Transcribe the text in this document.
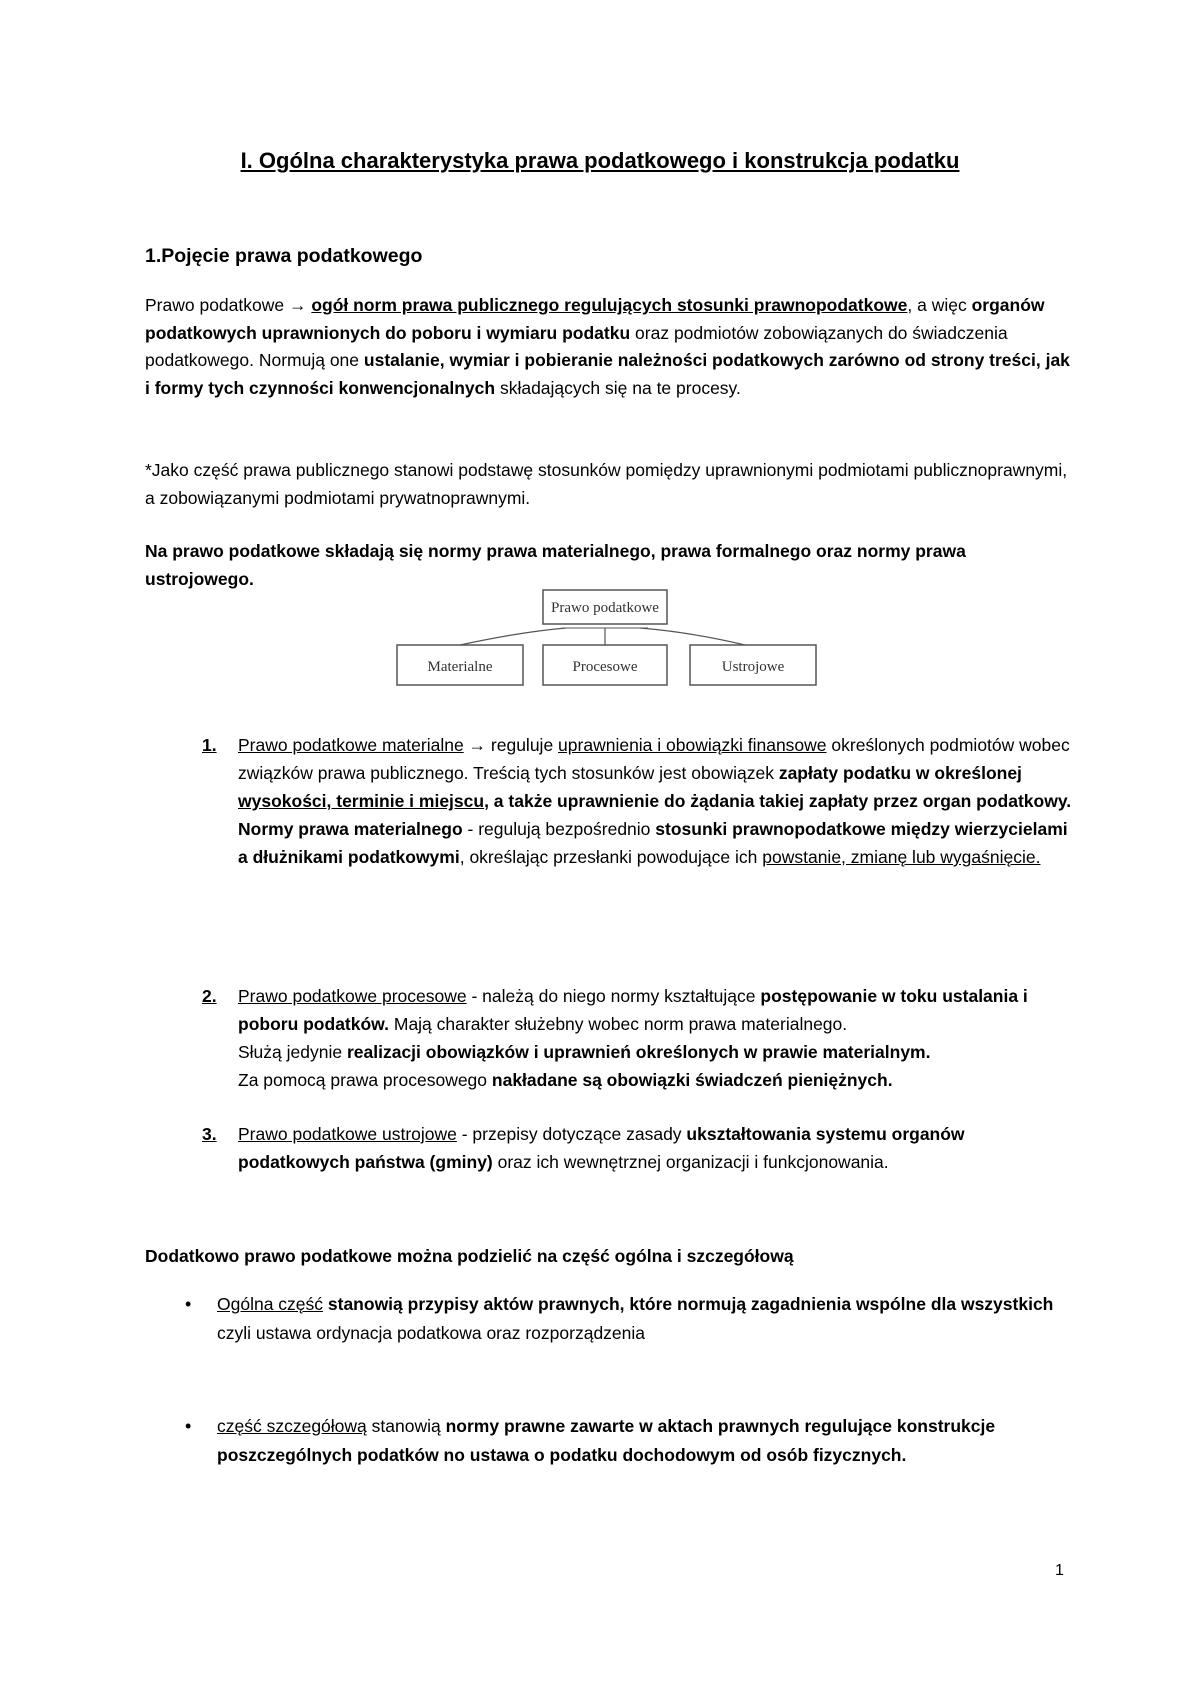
I. Ogólna charakterystyka prawa podatkowego i konstrukcja podatku
1.Pojęcie prawa podatkowego
Prawo podatkowe → ogół norm prawa publicznego regulujących stosunki prawnopodatkowe, a więc organów podatkowych uprawnionych do poboru i wymiaru podatku oraz podmiotów zobowiązanych do świadczenia podatkowego. Normują one ustalanie, wymiar i pobieranie należności podatkowych zarówno od strony treści, jak i formy tych czynności konwencjonalnych składających się na te procesy.
*Jako część prawa publicznego stanowi podstawę stosunków pomiędzy uprawnionymi podmiotami publicznoprawnymi, a zobowiązanymi podmiotami prywatnoprawnymi.
Na prawo podatkowe składają się normy prawa materialnego, prawa formalnego oraz normy prawa ustrojowego.
Prawo podatkowe
Materialne	Procesowe	Ustrojowe
1. Prawo podatkowe materialne → reguluje uprawnienia i obowiązki finansowe określonych podmiotów wobec związków prawa publicznego. Treścią tych stosunków jest obowiązek zapłaty podatku w określonej wysokości, terminie i miejscu, a także uprawnienie do żądania takiej zapłaty przez organ podatkowy.
Normy prawa materialnego - regulują bezpośrednio stosunki prawnopodatkowe między wierzycielami a dłużnikami podatkowymi, określając przesłanki powodujące ich powstanie, zmianę lub wygaśnięcie.
2. Prawo podatkowe procesowe - należą do niego normy kształtujące postępowanie w toku ustalania i poboru podatków. Mają charakter służebny wobec norm prawa materialnego.
Służą jedynie realizacji obowiązków i uprawnień określonych w prawie materialnym.
Za pomocą prawa procesowego nakładane są obowiązki świadczeń pieniężnych.
3. Prawo podatkowe ustrojowe - przepisy dotyczące zasady ukształtowania systemu organów podatkowych państwa (gminy) oraz ich wewnętrznej organizacji i funkcjonowania.
Dodatkowo prawo podatkowe można podzielić na część ogólna i szczegółową
• Ogólna część stanowią przypisy aktów prawnych, które normują zagadnienia wspólne dla wszystkich czyli ustawa ordynacja podatkowa oraz rozporządzenia
• część szczegółową stanowią normy prawne zawarte w aktach prawnych regulujące konstrukcje poszczególnych podatków no ustawa o podatku dochodowym od osób fizycznych.
1
